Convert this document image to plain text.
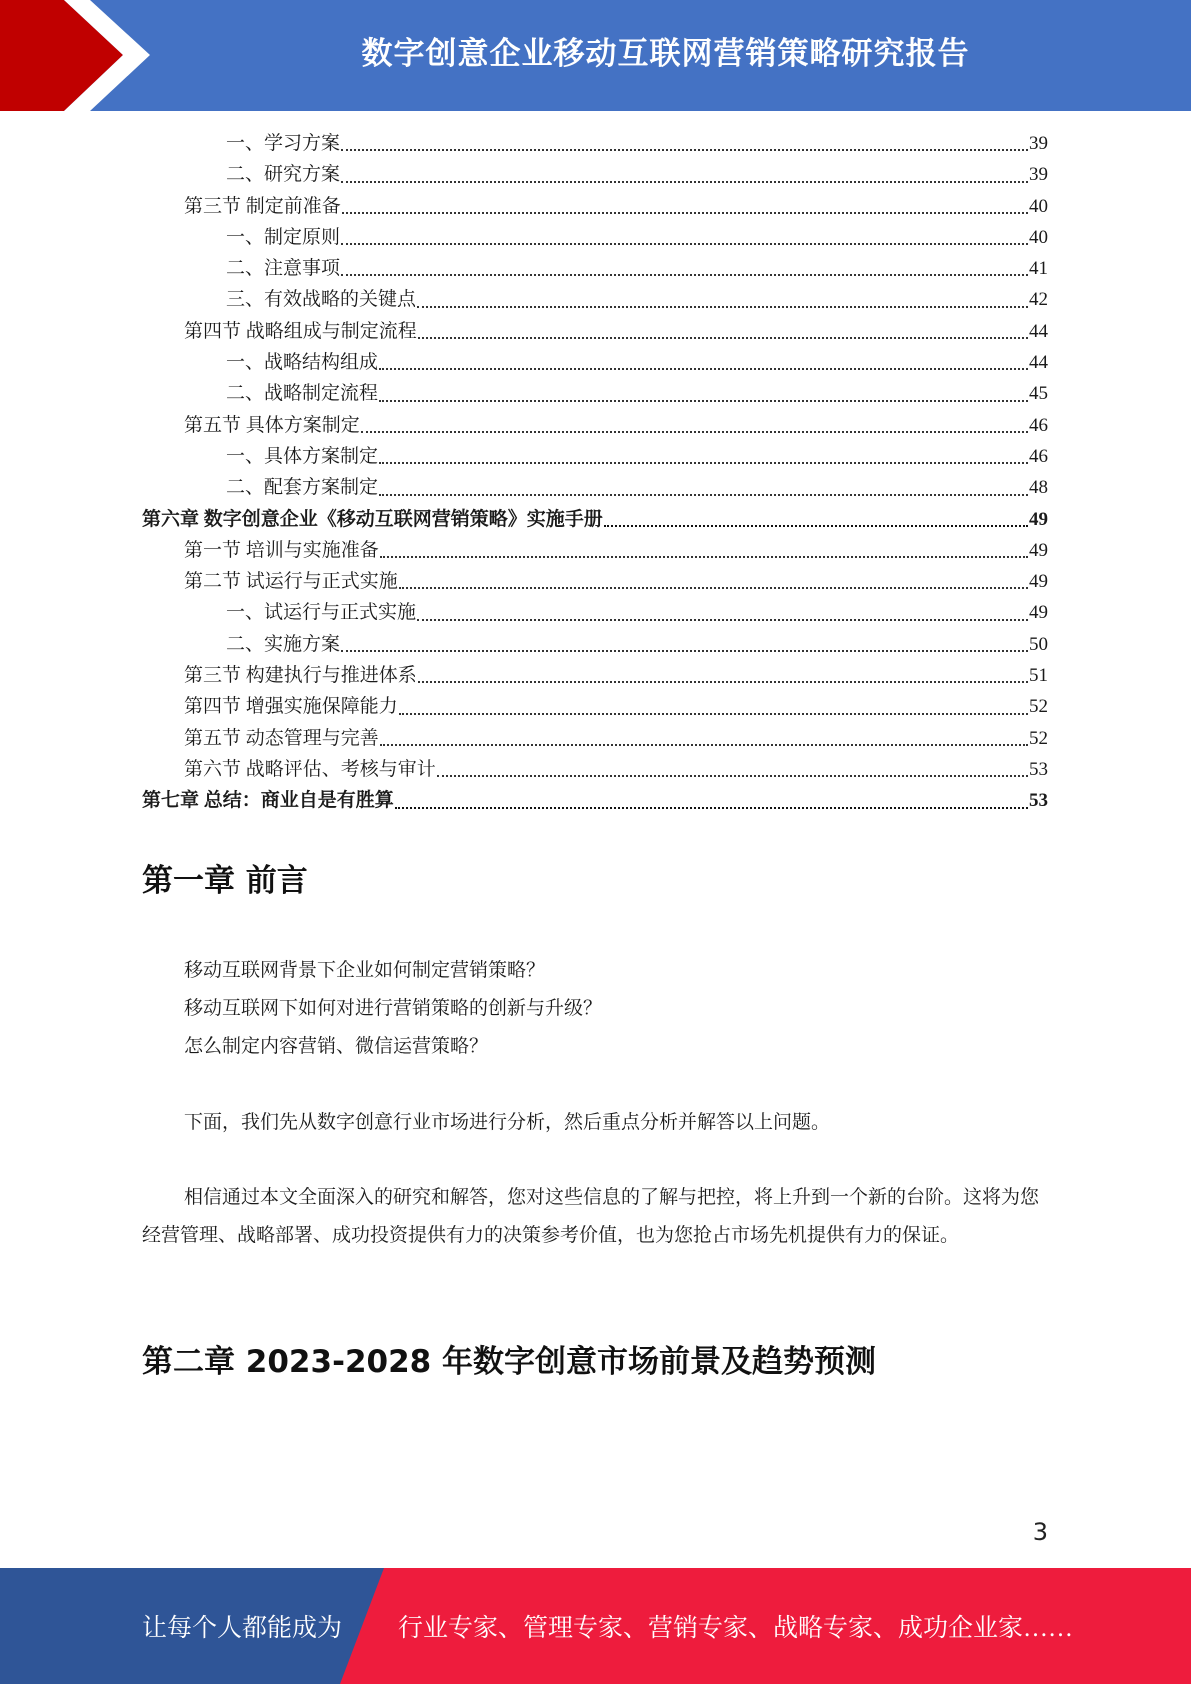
数字创意企业移动互联网营销策略研究报告
一、学习方案	39
二、研究方案	39
第三节 制定前准备	40
一、制定原则	40
二、注意事项	41
三、有效战略的关键点	42
第四节 战略组成与制定流程	44
一、战略结构组成	44
二、战略制定流程	45
第五节 具体方案制定	46
一、具体方案制定	46
二、配套方案制定	48
第六章 数字创意企业《移动互联网营销策略》实施手册	49
第一节 培训与实施准备	49
第二节 试运行与正式实施	49
一、试运行与正式实施	49
二、实施方案	50
第三节 构建执行与推进体系	51
第四节 增强实施保障能力	52
第五节 动态管理与完善	52
第六节 战略评估、考核与审计	53
第七章 总结：商业自是有胜算	53
第一章 前言
移动互联网背景下企业如何制定营销策略？
移动互联网下如何对进行营销策略的创新与升级？
怎么制定内容营销、微信运营策略？
下面，我们先从数字创意行业市场进行分析，然后重点分析并解答以上问题。
相信通过本文全面深入的研究和解答，您对这些信息的了解与把控，将上升到一个新的台阶。这将为您经营管理、战略部署、成功投资提供有力的决策参考价值，也为您抢占市场先机提供有力的保证。
第二章 2023-2028 年数字创意市场前景及趋势预测
3
让每个人都能成为 行业专家、管理专家、营销专家、战略专家、成功企业家……
